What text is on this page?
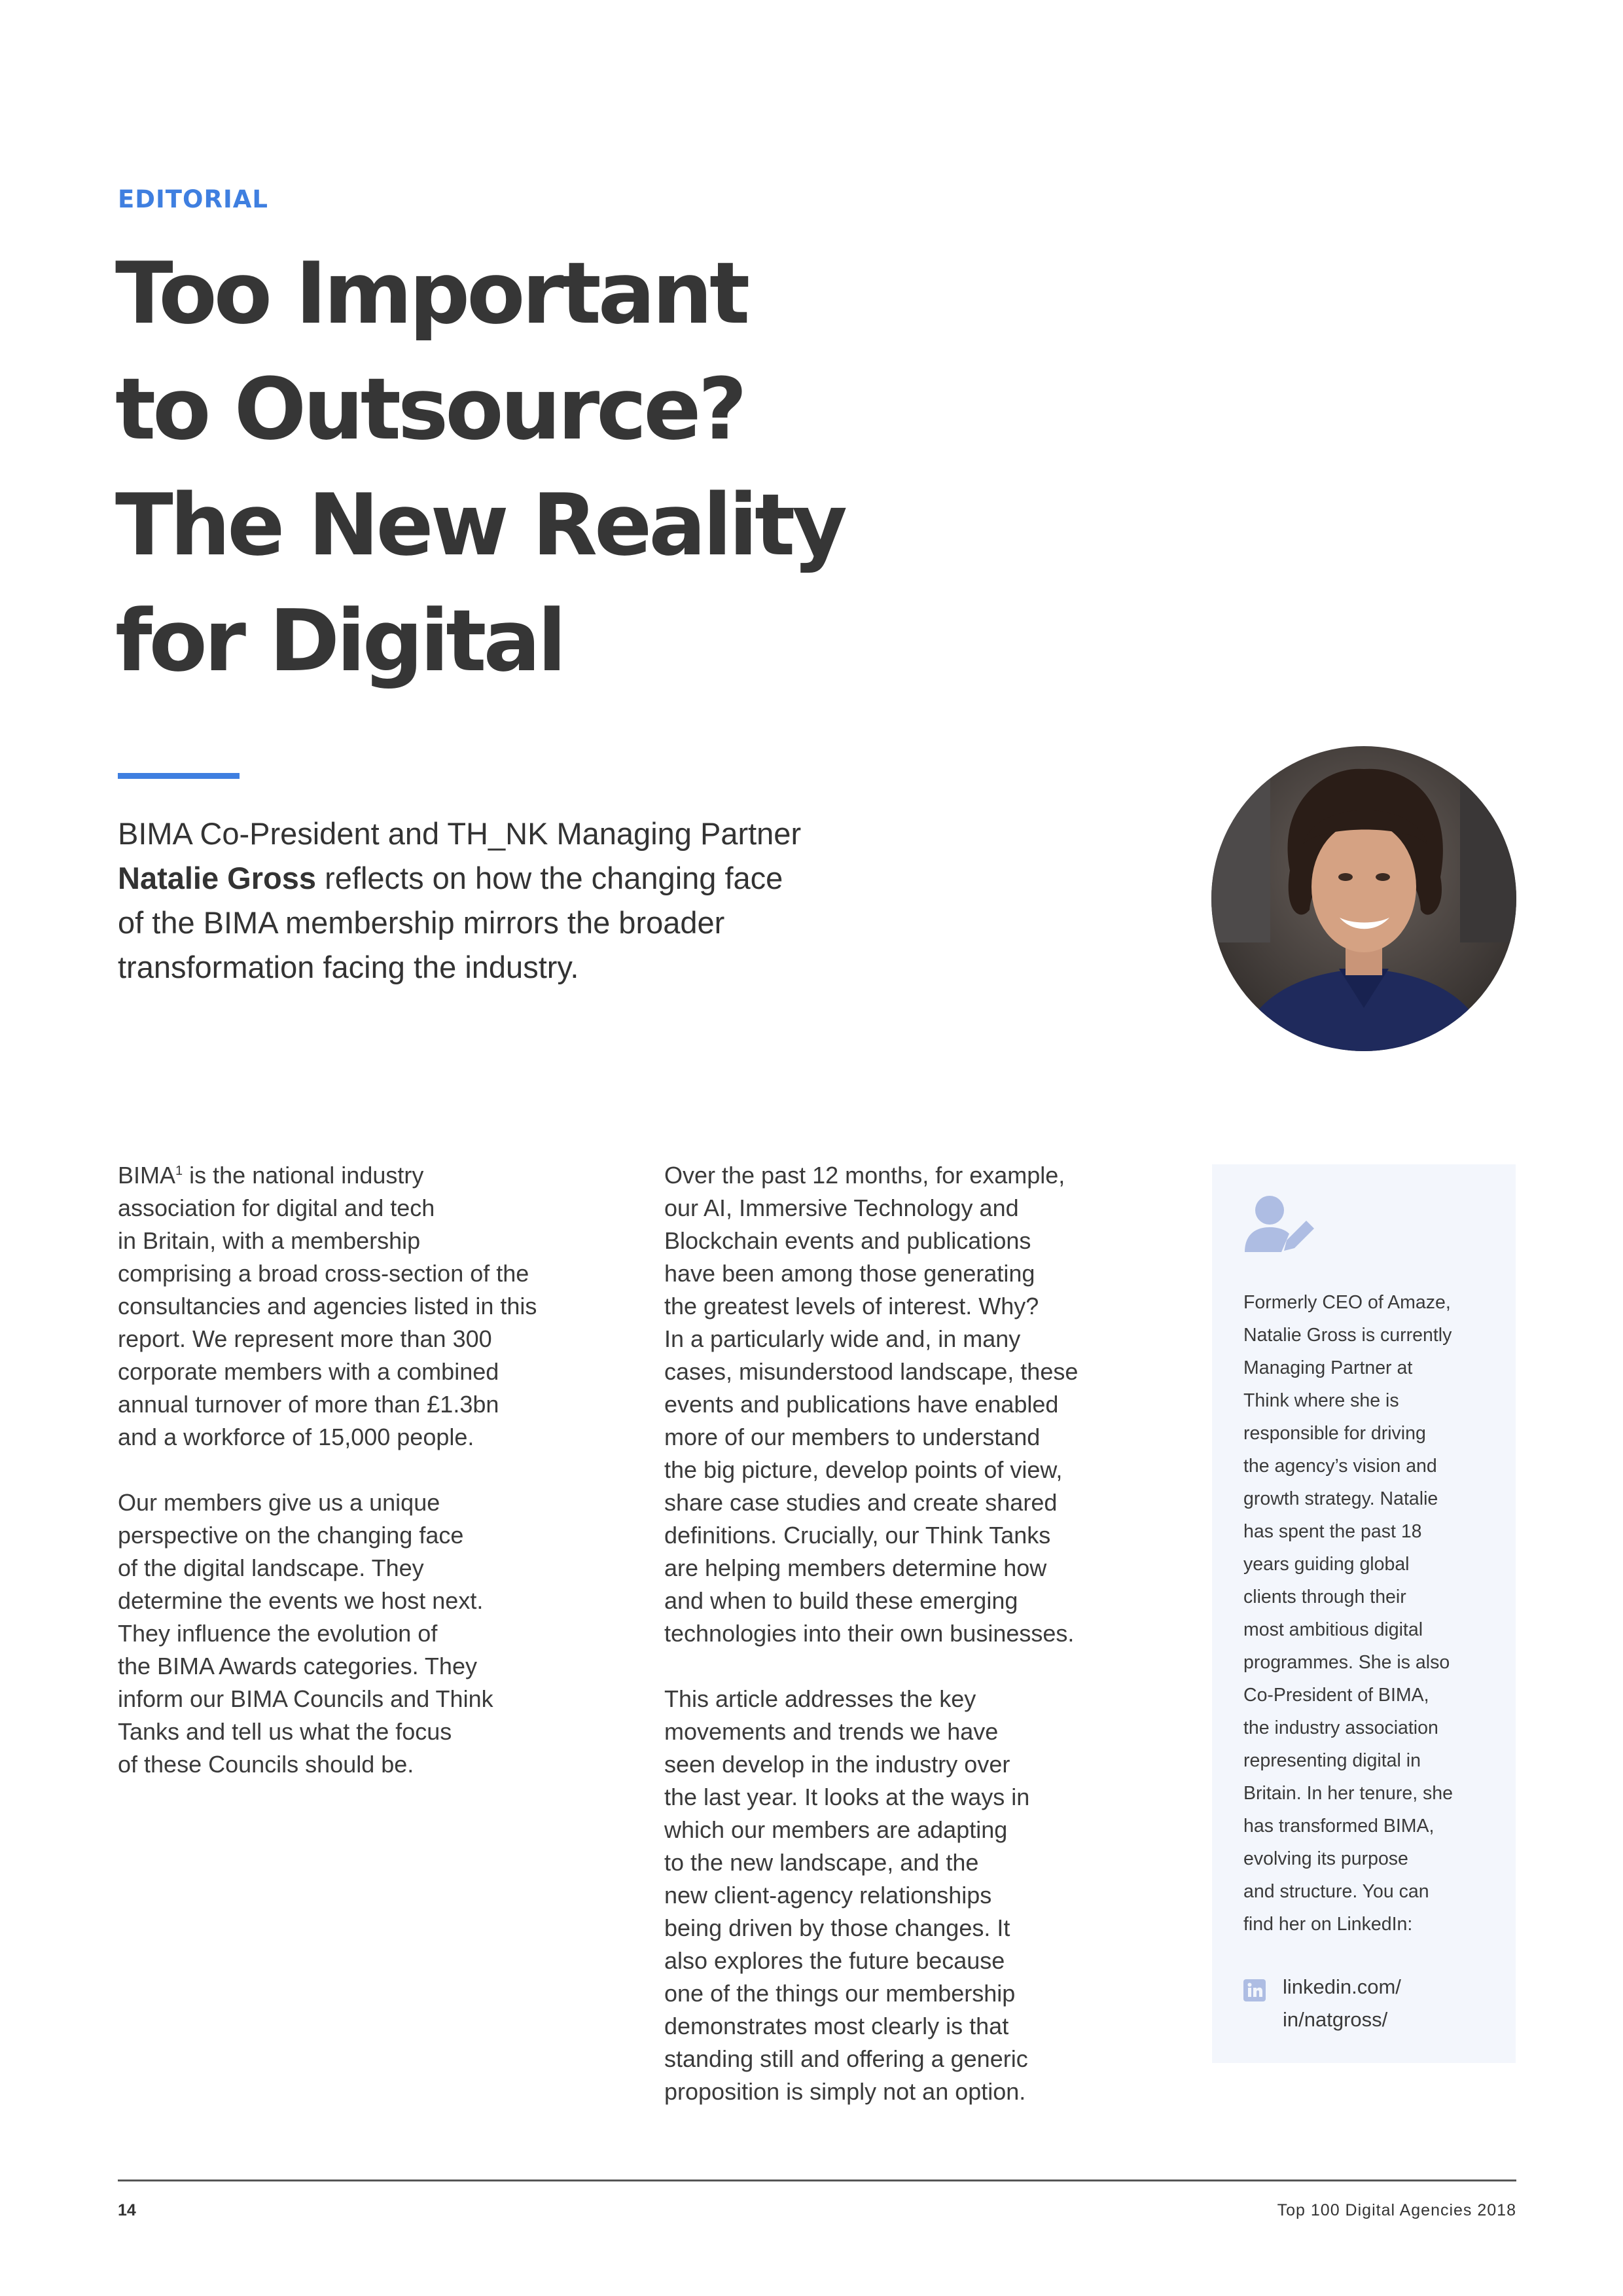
EDITORIAL
Too Important
to Outsource?
The New Reality
for Digital

BIMA Co-President and TH_NK Managing Partner
Natalie Gross reflects on how the changing face
of the BIMA membership mirrors the broader
transformation facing the industry.

BIMA$^1$ is the national industry
association for digital and tech
in Britain, with a membership
comprising a broad cross-section of the
consultancies and agencies listed in this
report. We represent more than 300
corporate members with a combined
annual turnover of more than £1.3bn
and a workforce of 15,000 people.

Our members give us a unique
perspective on the changing face
of the digital landscape. They
determine the events we host next.
They influence the evolution of
the BIMA Awards categories. They
inform our BIMA Councils and Think
Tanks and tell us what the focus
of these Councils should be.

Over the past 12 months, for example,
our AI, Immersive Technology and
Blockchain events and publications
have been among those generating
the greatest levels of interest. Why?
In a particularly wide and, in many
cases, misunderstood landscape, these
events and publications have enabled
more of our members to understand
the big picture, develop points of view,
share case studies and create shared
definitions. Crucially, our Think Tanks
are helping members determine how
and when to build these emerging
technologies into their own businesses.

This article addresses the key
movements and trends we have
seen develop in the industry over
the last year. It looks at the ways in
which our members are adapting
to the new landscape, and the
new client-agency relationships
being driven by those changes. It
also explores the future because
one of the things our membership
demonstrates most clearly is that
standing still and offering a generic
proposition is simply not an option.

Formerly CEO of Amaze,
Natalie Gross is currently
Managing Partner at
Think where she is
responsible for driving
the agency’s vision and
growth strategy. Natalie
has spent the past 18
years guiding global
clients through their
most ambitious digital
programmes. She is also
Co-President of BIMA,
the industry association
representing digital in
Britain. In her tenure, she
has transformed BIMA,
evolving its purpose
and structure. You can
find her on LinkedIn:
linkedin.com/
in/natgross/
14	Top 100 Digital Agencies 2018
